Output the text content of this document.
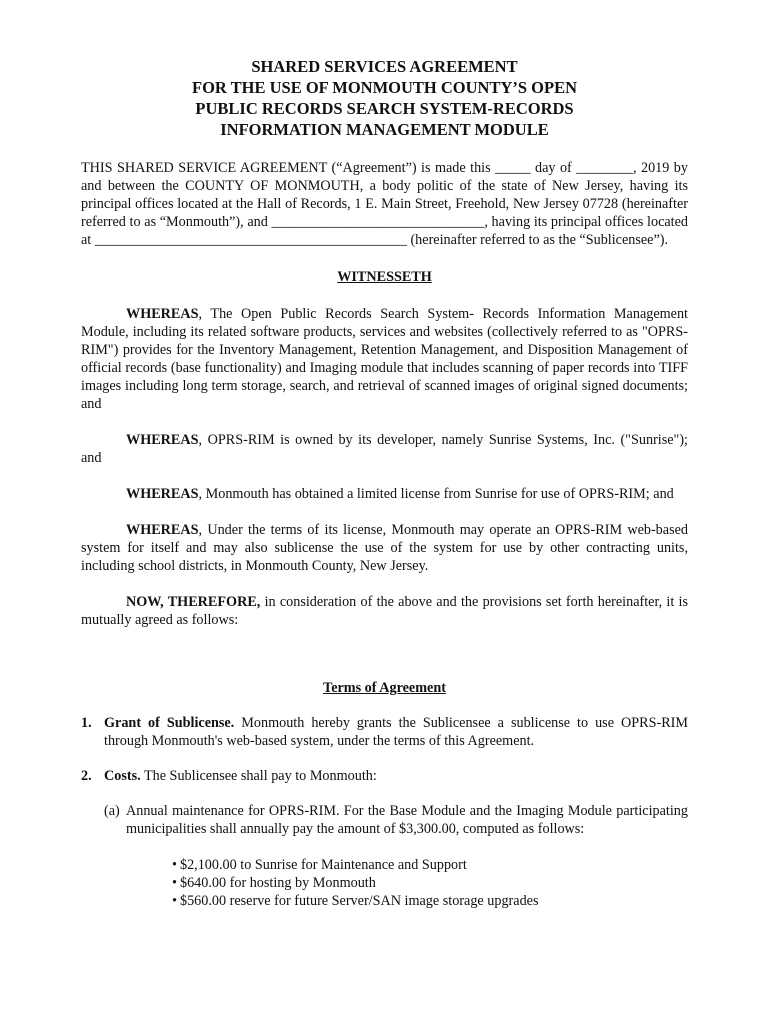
SHARED SERVICES AGREEMENT
FOR THE USE OF MONMOUTH COUNTY’S OPEN
PUBLIC RECORDS SEARCH SYSTEM-RECORDS
INFORMATION MANAGEMENT MODULE

THIS SHARED SERVICE AGREEMENT (“Agreement”) is made this _____ day of ________, 2019 by and between the COUNTY OF MONMOUTH, a body politic of the state of New Jersey, having its principal offices located at the Hall of Records, 1 E. Main Street, Freehold, New Jersey 07728 (hereinafter referred to as “Monmouth”), and ______________________________, having its principal offices located at ____________________________________________ (hereinafter referred to as the “Sublicensee”).

WITNESSETH

WHEREAS, The Open Public Records Search System- Records Information Management Module, including its related software products, services and websites (collectively referred to as "OPRS-RIM") provides for the Inventory Management, Retention Management, and Disposition Management of official records (base functionality) and Imaging module that includes scanning of paper records into TIFF images including long term storage, search, and retrieval of scanned images of original signed documents; and

WHEREAS, OPRS-RIM is owned by its developer, namely Sunrise Systems, Inc. ("Sunrise"); and

WHEREAS, Monmouth has obtained a limited license from Sunrise for use of OPRS-RIM; and

WHEREAS, Under the terms of its license, Monmouth may operate an OPRS-RIM web-based system for itself and may also sublicense the use of the system for use by other contracting units, including school districts, in Monmouth County, New Jersey.

NOW, THEREFORE, in consideration of the above and the provisions set forth hereinafter, it is mutually agreed as follows:

Terms of Agreement
1. Grant of Sublicense. Monmouth hereby grants the Sublicensee a sublicense to use OPRS-RIM through Monmouth's web-based system, under the terms of this Agreement.

2. Costs. The Sublicensee shall pay to Monmouth:

(a) Annual maintenance for OPRS-RIM. For the Base Module and the Imaging Module participating municipalities shall annually pay the amount of $3,300.00, computed as follows:
• $2,100.00 to Sunrise for Maintenance and Support
• $640.00 for hosting by Monmouth
• $560.00 reserve for future Server/SAN image storage upgrades
